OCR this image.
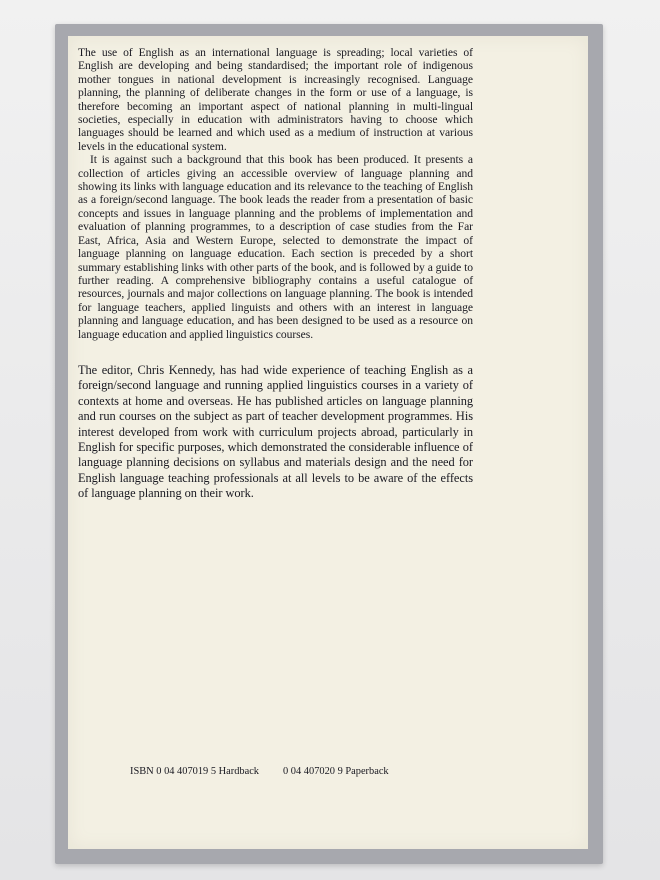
The use of English as an international language is spreading; local varieties of English are developing and being standardised; the important role of indigenous mother tongues in national development is increasingly recognised. Language planning, the planning of deliberate changes in the form or use of a language, is therefore becoming an important aspect of national planning in multi-lingual societies, especially in education with administrators having to choose which languages should be learned and which used as a medium of instruction at various levels in the educational system.

It is against such a background that this book has been produced. It presents a collection of articles giving an accessible overview of language planning and showing its links with language education and its relevance to the teaching of English as a foreign/second language. The book leads the reader from a presentation of basic concepts and issues in language planning and the problems of implementation and evaluation of planning programmes, to a description of case studies from the Far East, Africa, Asia and Western Europe, selected to demonstrate the impact of language planning on language education. Each section is preceded by a short summary establishing links with other parts of the book, and is followed by a guide to further reading. A comprehensive bibliography contains a useful catalogue of resources, journals and major collections on language planning. The book is intended for language teachers, applied linguists and others with an interest in language planning and language education, and has been designed to be used as a resource on language education and applied linguistics courses.

The editor, Chris Kennedy, has had wide experience of teaching English as a foreign/second language and running applied linguistics courses in a variety of contexts at home and overseas. He has published articles on language planning and run courses on the subject as part of teacher development programmes. His interest developed from work with curriculum projects abroad, particularly in English for specific purposes, which demonstrated the considerable influence of language planning decisions on syllabus and materials design and the need for English language teaching professionals at all levels to be aware of the effects of language planning on their work.

ISBN 0 04 407019 5 Hardback 0 04 407020 9 Paperback
